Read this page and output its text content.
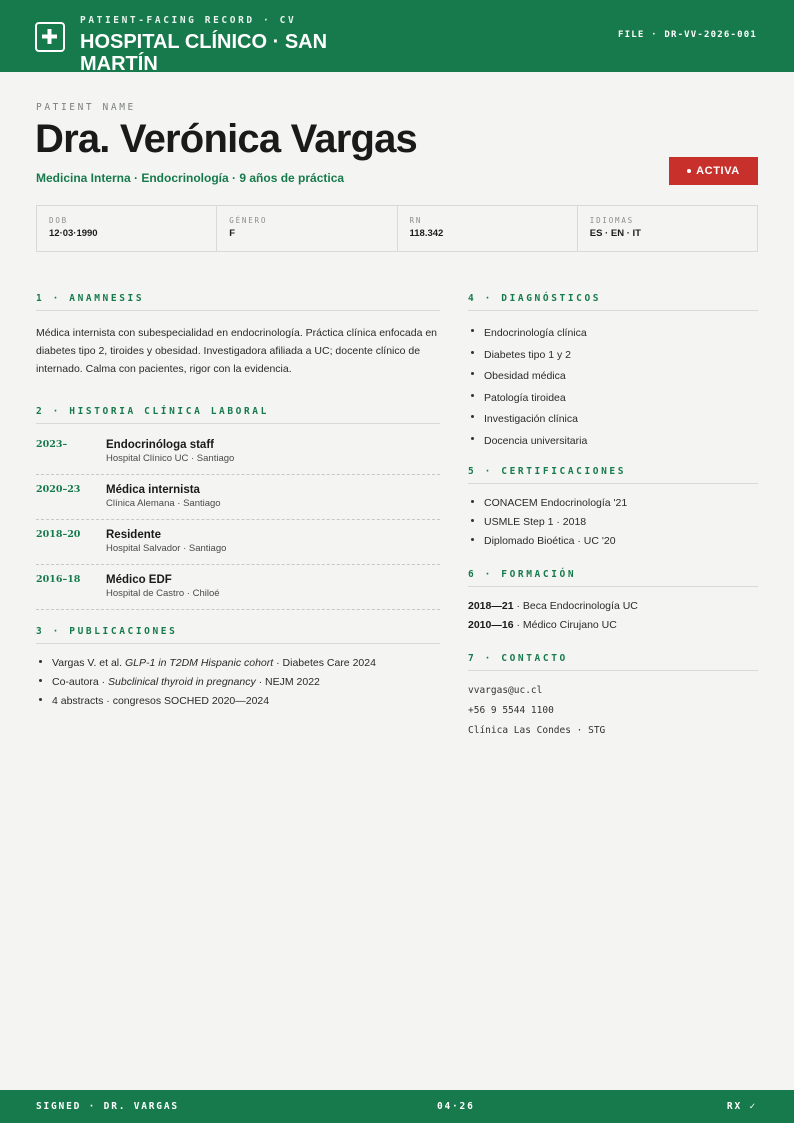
PATIENT-FACING RECORD · CV
HOSPITAL CLÍNICO · SAN MARTÍN
FILE · DR-VV-2026-001
PATIENT NAME
Dra. Verónica Vargas
Medicina Interna · Endocrinología · 9 años de práctica	ACTIVA
DOB
12·03·1990
GÉNERO
F
RN
118.342
IDIOMAS
ES · EN · IT
1 · ANAMNESIS

Médica internista con subespecialidad en endocrinología. Práctica clínica enfocada en diabetes tipo 2, tiroides y obesidad. Investigadora afiliada a UC; docente clínico de internado. Calma con pacientes, rigor con la evidencia.

2 · HISTORIA CLÍNICA LABORAL
2023–	Endocrinóloga staff
Hospital Clínico UC · Santiago
2020–23	Médica internista
Clínica Alemana · Santiago
2018–20	Residente
Hospital Salvador · Santiago
2016–18	Médico EDF
Hospital de Castro · Chiloé
3 · PUBLICACIONES
Vargas V. et al. GLP-1 in T2DM Hispanic cohort · Diabetes Care 2024
Co-autora · Subclinical thyroid in pregnancy · NEJM 2022
4 abstracts · congresos SOCHED 2020—2024
4 · DIAGNÓSTICOS
Endocrinología clínica
Diabetes tipo 1 y 2
Obesidad médica
Patología tiroidea
Investigación clínica
Docencia universitaria
5 · CERTIFICACIONES
CONACEM Endocrinología '21
USMLE Step 1 · 2018
Diplomado Bioética · UC '20
6 · FORMACIÓN
2018—21 · Beca Endocrinología UC
2010—16 · Médico Cirujano UC
7 · CONTACTO
vvargas@uc.cl
+56 9 5544 1100
Clínica Las Condes · STG
SIGNED · DR. VARGAS	04·26	RX ✓
